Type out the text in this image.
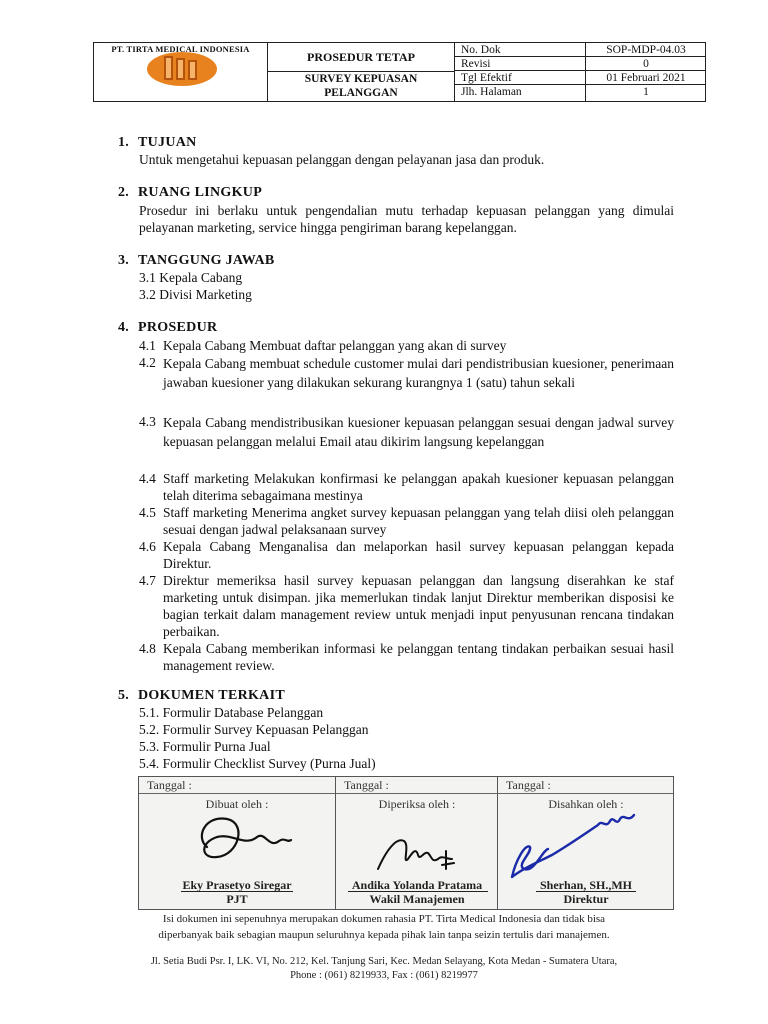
PT. TIRTA MEDICAL INDONESIA
PROSEDUR TETAP
SURVEY KEPUASAN PELANGGAN
No. Dok
Revisi
Tgl Efektif
Jlh. Halaman
SOP-MDP-04.03
0
01 Februari 2021
1
1. TUJUAN
Untuk mengetahui kepuasan pelanggan dengan pelayanan jasa dan produk.
2. RUANG LINGKUP
Prosedur ini berlaku untuk pengendalian mutu terhadap kepuasan pelanggan yang dimulai pelayanan marketing, service hingga pengiriman barang kepelanggan.
3. TANGGUNG JAWAB
3.1 Kepala Cabang
3.2 Divisi Marketing
4. PROSEDUR
4.1 Kepala Cabang Membuat daftar pelanggan yang akan di survey
4.2 Kepala Cabang membuat schedule customer mulai dari pendistribusian kuesioner, penerimaan jawaban kuesioner yang dilakukan sekurang kurangnya 1 (satu) tahun sekali
4.3 Kepala Cabang mendistribusikan kuesioner kepuasan pelanggan sesuai dengan jadwal survey kepuasan pelanggan melalui Email atau dikirim langsung kepelanggan
4.4 Staff marketing Melakukan konfirmasi ke pelanggan apakah kuesioner kepuasan pelanggan telah diterima sebagaimana mestinya
4.5 Staff marketing Menerima angket survey kepuasan pelanggan yang telah diisi oleh pelanggan sesuai dengan jadwal pelaksanaan survey
4.6 Kepala Cabang Menganalisa dan melaporkan hasil survey kepuasan pelanggan kepada Direktur.
4.7 Direktur memeriksa hasil survey kepuasan pelanggan dan langsung diserahkan ke staf marketing untuk disimpan. jika memerlukan tindak lanjut Direktur memberikan disposisi ke bagian terkait dalam management review untuk menjadi input penyusunan rencana tindakan perbaikan.
4.8 Kepala Cabang memberikan informasi ke pelanggan tentang tindakan perbaikan sesuai hasil management review.
5. DOKUMEN TERKAIT
5.1. Formulir Database Pelanggan
5.2. Formulir Survey Kepuasan Pelanggan
5.3. Formulir Purna Jual
5.4. Formulir Checklist Survey (Purna Jual)
Tanggal :
Dibuat oleh :
Eky Prasetyo Siregar
PJT
Tanggal :
Diperiksa oleh :
Andika Yolanda Pratama
Wakil Manajemen
Tanggal :
Disahkan oleh :
Sherhan, SH.,MH
Direktur
Isi dokumen ini sepenuhnya merupakan dokumen rahasia PT. Tirta Medical Indonesia dan tidak bisa
diperbanyak baik sebagian maupun seluruhnya kepada pihak lain tanpa seizin tertulis dari manajemen.
Jl. Setia Budi Psr. I, LK. VI, No. 212, Kel. Tanjung Sari, Kec. Medan Selayang, Kota Medan - Sumatera Utara,
Phone : (061) 8219933, Fax : (061) 8219977
